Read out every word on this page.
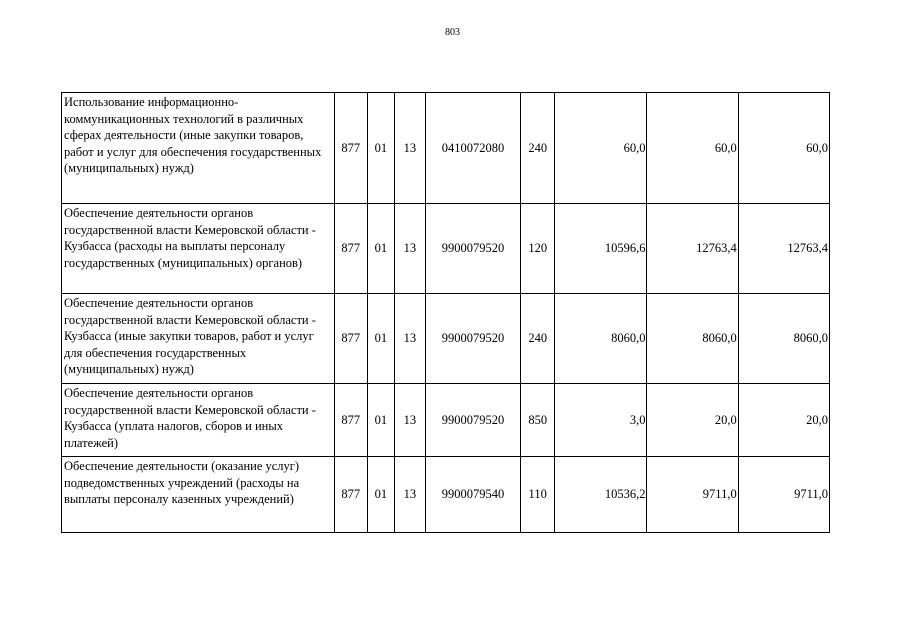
803
Использование информационно-коммуникационных технологий в различных сферах деятельности (иные закупки товаров, работ и услуг для обеспечения государственных (муниципальных) нужд)	877	01	13	0410072080	240	60,0	60,0	60,0
Обеспечение деятельности органов государственной власти Кемеровской области - Кузбасса (расходы на выплаты персоналу государственных (муниципальных) органов)	877	01	13	9900079520	120	10596,6	12763,4	12763,4
Обеспечение деятельности органов государственной власти Кемеровской области - Кузбасса (иные закупки товаров, работ и услуг для обеспечения государственных (муниципальных) нужд)	877	01	13	9900079520	240	8060,0	8060,0	8060,0
Обеспечение деятельности органов государственной власти Кемеровской области - Кузбасса (уплата налогов, сборов и иных платежей)	877	01	13	9900079520	850	3,0	20,0	20,0
Обеспечение деятельности (оказание услуг) подведомственных учреждений (расходы на выплаты персоналу казенных учреждений)	877	01	13	9900079540	110	10536,2	9711,0	9711,0
